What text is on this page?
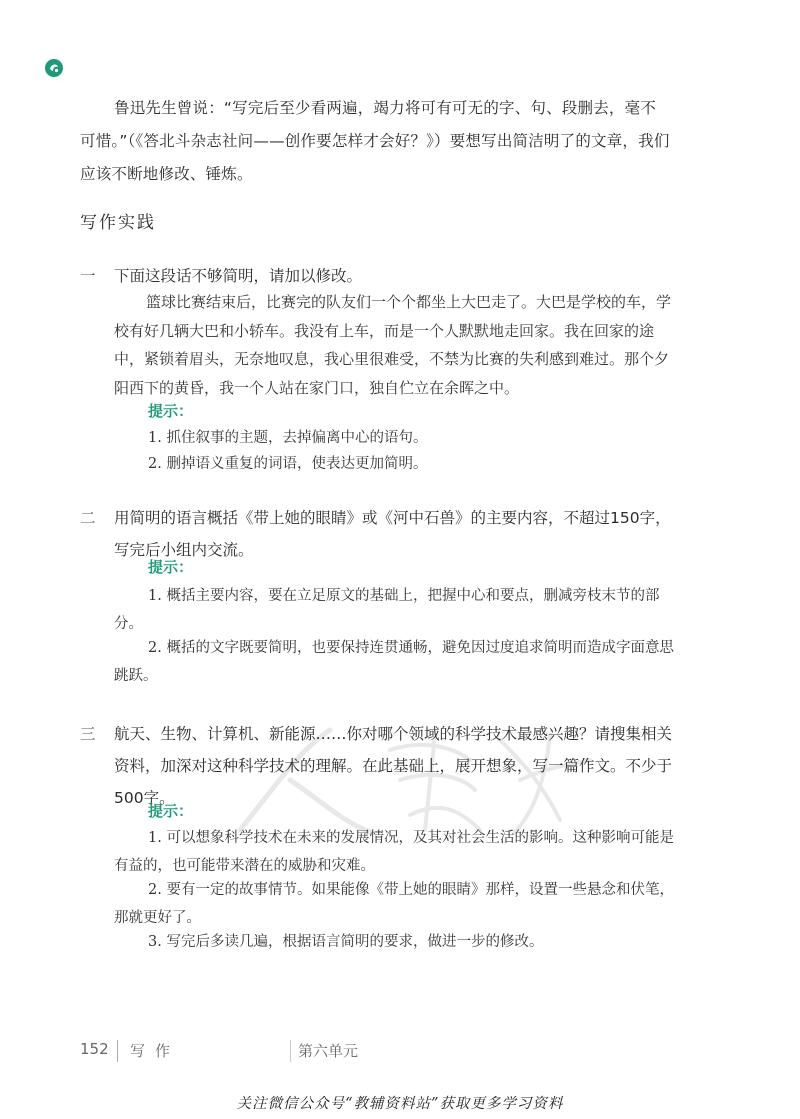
鲁迅先生曾说：“写完后至少看两遍，竭力将可有可无的字、句、段删去，毫不可惜。”（《答北斗杂志社问——创作要怎样才会好？》）要想写出简洁明了的文章，我们应该不断地修改、锤炼。

写作实践
一 下面这段话不够简明，请加以修改。

篮球比赛结束后，比赛完的队友们一个个都坐上大巴走了。大巴是学校的车，学校有好几辆大巴和小轿车。我没有上车，而是一个人默默地走回家。我在回家的途中，紧锁着眉头，无奈地叹息，我心里很难受，不禁为比赛的失利感到难过。那个夕阳西下的黄昏，我一个人站在家门口，独自伫立在余晖之中。

提示：

1. 抓住叙事的主题，去掉偏离中心的语句。

2. 删掉语义重复的词语，使表达更加简明。

二 用简明的语言概括《带上她的眼睛》或《河中石兽》的主要内容，不超过150字，写完后小组内交流。

提示：

1. 概括主要内容，要在立足原文的基础上，把握中心和要点，删减旁枝末节的部分。

2. 概括的文字既要简明，也要保持连贯通畅，避免因过度追求简明而造成字面意思跳跃。

三 航天、生物、计算机、新能源……你对哪个领域的科学技术最感兴趣？请搜集相关资料，加深对这种科学技术的理解。在此基础上，展开想象，写一篇作文。不少于500字。

提示：

1. 可以想象科学技术在未来的发展情况，及其对社会生活的影响。这种影响可能是有益的，也可能带来潜在的威胁和灾难。

2. 要有一定的故事情节。如果能像《带上她的眼睛》那样，设置一些悬念和伏笔，那就更好了。

3. 写完后多读几遍，根据语言简明的要求，做进一步的修改。

152 写作	第六单元
关注微信公众号“教辅资料站”获取更多学习资料
